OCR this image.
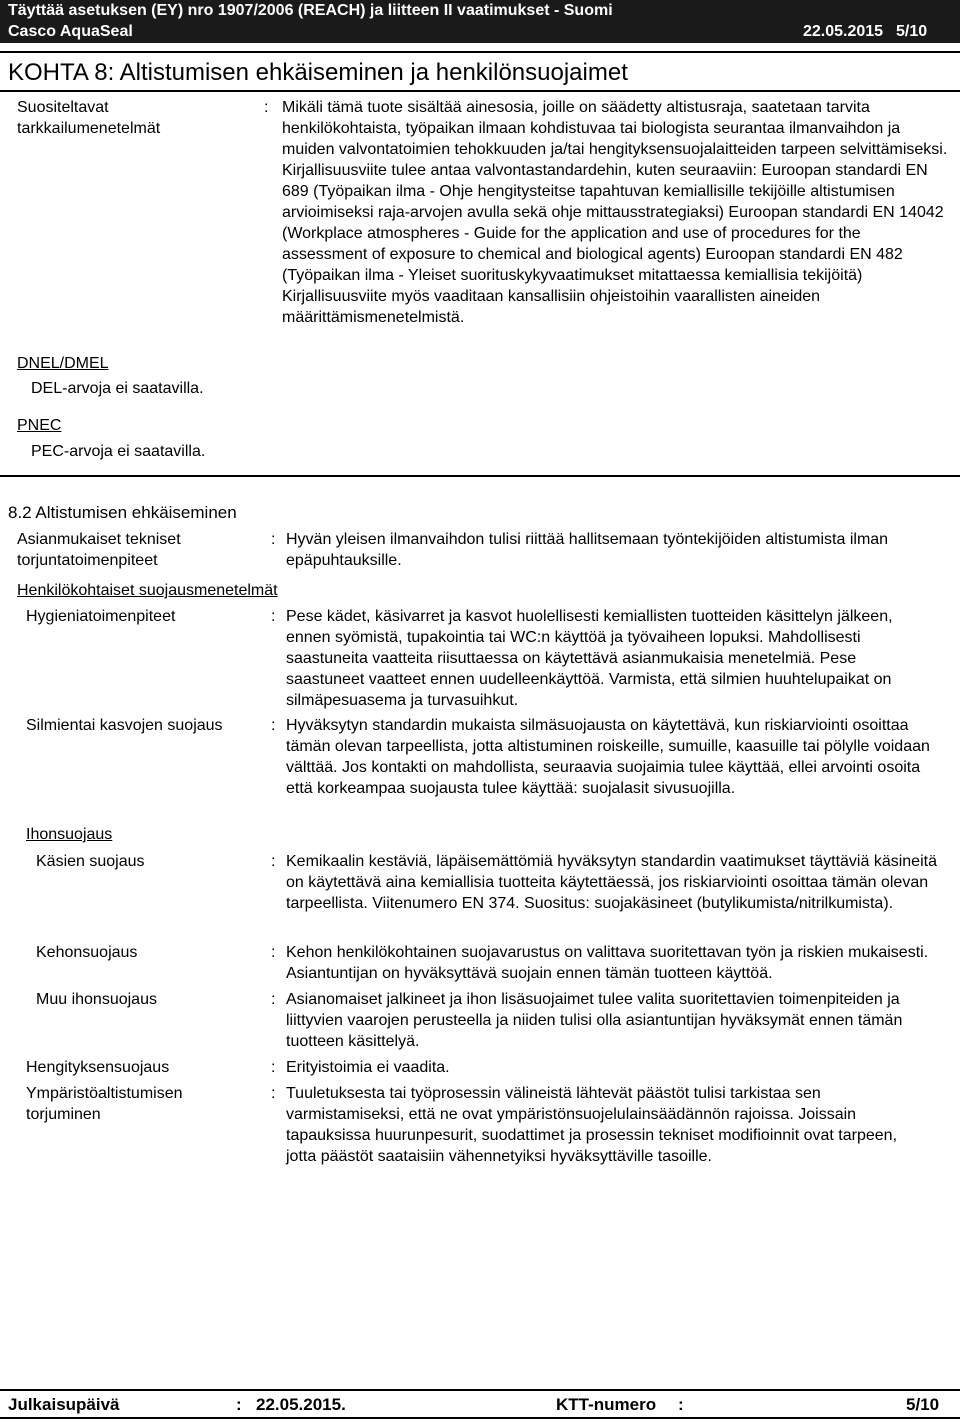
Täyttää asetuksen (EY) nro 1907/2006 (REACH) ja liitteen II vaatimukset - Suomi
Casco AquaSeal	22.05.2015 5/10
KOHTA 8: Altistumisen ehkäiseminen ja henkilönsuojaimet
Suositeltavat tarkkailumenetelmät
: Mikäli tämä tuote sisältää ainesosia, joille on säädetty altistusraja, saatetaan tarvita henkilökohtaista, työpaikan ilmaan kohdistuvaa tai biologista seurantaa ilmanvaihdon ja muiden valvontatoimien tehokkuuden ja/tai hengityksensuojalaitteiden tarpeen selvittämiseksi. Kirjallisuusviite tulee antaa valvontastandardehin, kuten seuraaviin: Euroopan standardi EN 689 (Työpaikan ilma - Ohje hengitysteitse tapahtuvan kemiallisille tekijöille altistumisen arvioimiseksi raja-arvojen avulla sekä ohje mittausstrategiaksi) Euroopan standardi EN 14042 (Workplace atmospheres - Guide for the application and use of procedures for the assessment of exposure to chemical and biological agents) Euroopan standardi EN 482 (Työpaikan ilma - Yleiset suorituskykyvaatimukset mitattaessa kemiallisia tekijöitä) Kirjallisuusviite myös vaaditaan kansallisiin ohjeistoihin vaarallisten aineiden määrittämismenetelmistä.
DNEL/DMEL
DEL-arvoja ei saatavilla.
PNEC
PEC-arvoja ei saatavilla.
8.2 Altistumisen ehkäiseminen
Asianmukaiset tekniset torjuntatoimenpiteet
: Hyvän yleisen ilmanvaihdon tulisi riittää hallitsemaan työntekijöiden altistumista ilman epäpuhtauksille.
Henkilökohtaiset suojausmenetelmät
Hygieniatoimenpiteet	: Pese kädet, käsivarret ja kasvot huolellisesti kemiallisten tuotteiden käsittelyn jälkeen, ennen syömistä, tupakointia tai WC:n käyttöä ja työvaiheen lopuksi. Mahdollisesti saastuneita vaatteita riisuttaessa on käytettävä asianmukaisia menetelmiä. Pese saastuneet vaatteet ennen uudelleenkäyttöä. Varmista, että silmien huuhtelupaikat on silmäpesuasema ja turvasuihkut.
Silmientai kasvojen suojaus	: Hyväksytyn standardin mukaista silmäsuojausta on käytettävä, kun riskiarviointi osoittaa tämän olevan tarpeellista, jotta altistuminen roiskeille, sumuille, kaasuille tai pölylle voidaan välttää. Jos kontakti on mahdollista, seuraavia suojaimia tulee käyttää, ellei arvointi osoita että korkeampaa suojausta tulee käyttää: suojalasit sivusuojilla.
Ihonsuojaus
Käsien suojaus	: Kemikaalin kestäviä, läpäisemättömiä hyväksytyn standardin vaatimukset täyttäviä käsineitä on käytettävä aina kemiallisia tuotteita käytettäessä, jos riskiarviointi osoittaa tämän olevan tarpeellista. Viitenumero EN 374. Suositus: suojakäsineet (butylikumista/nitrilkumista).
Kehonsuojaus	: Kehon henkilökohtainen suojavarustus on valittava suoritettavan työn ja riskien mukaisesti. Asiantuntijan on hyväksyttävä suojain ennen tämän tuotteen käyttöä.
Muu ihonsuojaus	: Asianomaiset jalkineet ja ihon lisäsuojaimet tulee valita suoritettavien toimenpiteiden ja liittyvien vaarojen perusteella ja niiden tulisi olla asiantuntijan hyväksymät ennen tämän tuotteen käsittelyä.
Hengityksensuojaus	: Erityistoimia ei vaadita.
Ympäristöaltistumisen torjuminen
: Tuuletuksesta tai työprosessin välineistä lähtevät päästöt tulisi tarkistaa sen varmistamiseksi, että ne ovat ympäristönsuojelulainsäädännön rajoissa. Joissain tapauksissa huurunpesurit, suodattimet ja prosessin tekniset modifioinnit ovat tarpeen, jotta päästöt saataisiin vähennetyiksi hyväksyttäville tasoille.
Julkaisupäivä	: 22.05.2015.	KTT-numero :	5/10
